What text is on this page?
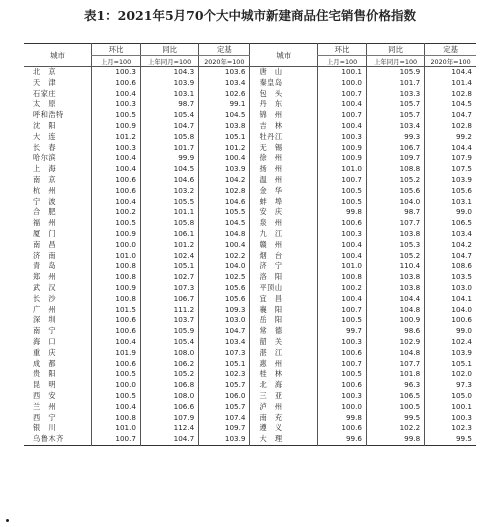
表1：2021年5月70个大中城市新建商品住宅销售价格指数
城市	环比	同比	定基	城市	环比	同比	定基
	上月=100	上年同月=100	2020年=100		上月=100	上年同月=100	2020年=100
北　京	100.3	104.3	103.6	唐　山	100.1	105.9	104.4
天　津	100.6	103.9	103.4	秦皇岛	100.0	101.7	101.4
石家庄	100.4	103.1	102.6	包　头	100.7	103.3	102.8
太　原	100.3	98.7	99.1	丹　东	100.4	105.7	104.5
呼和浩特	100.5	105.4	104.5	锦　州	100.7	105.7	104.7
沈　阳	100.9	104.7	103.8	吉　林	100.4	103.4	102.8
大　连	101.2	105.8	105.1	牡丹江	100.3	99.3	99.2
长　春	100.3	101.7	101.2	无　锡	100.9	106.7	104.4
哈尔滨	100.4	99.9	100.4	徐　州	100.9	109.7	107.9
上　海	100.4	104.5	103.9	扬　州	101.0	108.8	107.5
南　京	100.6	104.6	104.2	温　州	100.7	105.2	103.9
杭　州	100.6	103.2	102.8	金　华	100.5	105.6	105.6
宁　波	100.4	105.5	104.6	蚌　埠	100.5	104.0	103.1
合　肥	100.2	101.1	105.5	安　庆	99.8	98.7	99.0
福　州	100.5	105.8	104.5	泉　州	100.6	107.7	106.5
厦　门	100.9	106.1	104.8	九　江	100.3	103.8	103.4
南　昌	100.0	101.2	100.4	赣　州	100.4	105.3	104.2
济　南	101.0	102.4	102.2	烟　台	100.4	105.2	104.7
青　岛	100.8	105.1	104.0	济　宁	101.0	110.4	108.6
郑　州	100.8	102.7	102.5	洛　阳	100.8	103.8	103.5
武　汉	100.9	107.3	105.6	平顶山	100.2	103.8	103.0
长　沙	100.8	106.7	105.6	宜　昌	100.4	104.4	104.1
广　州	101.5	111.2	109.3	襄　阳	100.7	104.8	104.0
深　圳	100.6	103.7	103.0	岳　阳	100.5	100.9	100.6
南　宁	100.6	105.9	104.7	常　德	99.7	98.6	99.0
海　口	100.4	105.4	103.4	韶　关	100.3	102.9	102.4
重　庆	101.9	108.0	107.3	湛　江	100.6	104.8	103.9
成　都	100.6	106.2	105.1	惠　州	100.7	107.7	105.1
贵　阳	100.5	105.2	102.3	桂　林	100.5	101.8	102.0
昆　明	100.0	106.8	105.7	北　海	100.6	96.3	97.3
西　安	100.5	108.0	106.0	三　亚	100.3	106.5	105.0
兰　州	100.4	106.6	105.7	泸　州	100.0	100.5	100.1
西　宁	100.8	107.9	107.4	南　充	99.8	99.5	100.3
银　川	101.0	112.4	109.7	遵　义	100.6	102.2	102.3
乌鲁木齐	100.7	104.7	103.9	大　理	99.6	99.8	99.5
